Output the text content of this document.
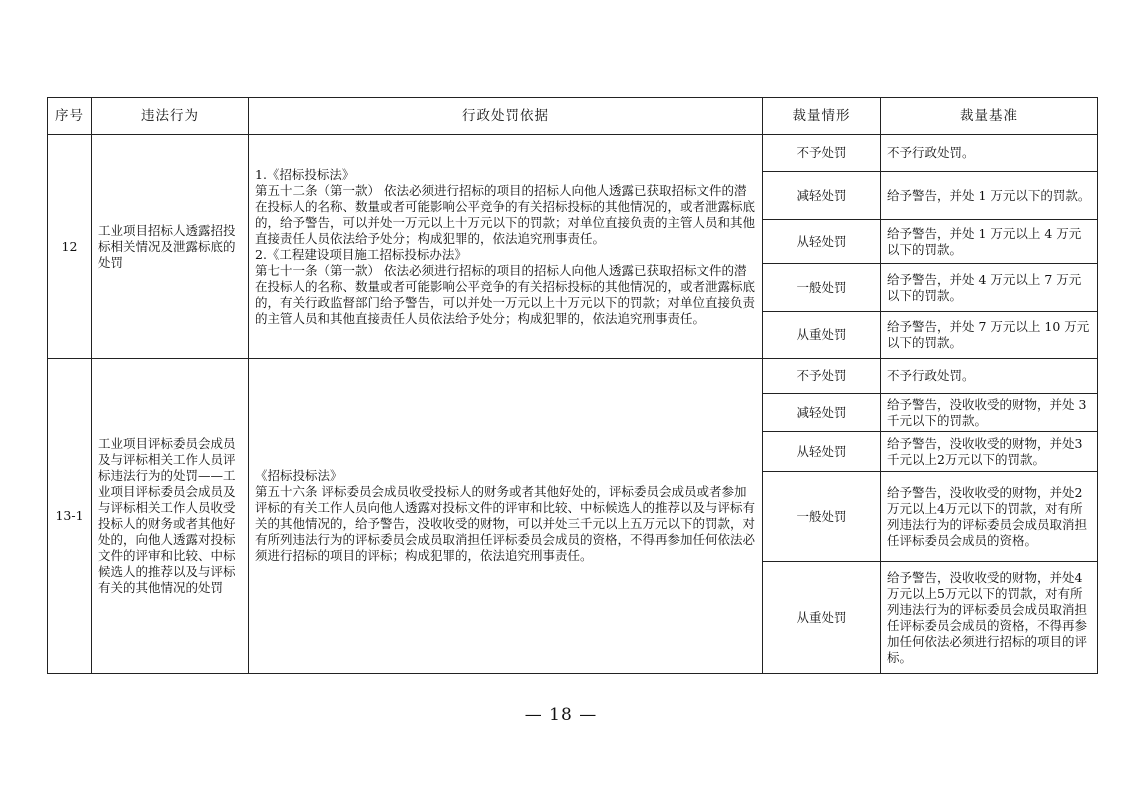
序号	违法行为	行政处罚依据	裁量情形	裁量基准
12	工业项目招标人透露招投标相关情况及泄露标底的处罚	1.《招标投标法》
第五十二条（第一款） 依法必须进行招标的项目的招标人向他人透露已获取招标文件的潜在投标人的名称、数量或者可能影响公平竞争的有关招标投标的其他情况的，或者泄露标底的，给予警告，可以并处一万元以上十万元以下的罚款；对单位直接负责的主管人员和其他直接责任人员依法给予处分；构成犯罪的，依法追究刑事责任。
2.《工程建设项目施工招标投标办法》
第七十一条（第一款） 依法必须进行招标的项目的招标人向他人透露已获取招标文件的潜在投标人的名称、数量或者可能影响公平竞争的有关招标投标的其他情况的，或者泄露标底的，有关行政监督部门给予警告，可以并处一万元以上十万元以下的罚款；对单位直接负责的主管人员和其他直接责任人员依法给予处分；构成犯罪的，依法追究刑事责任。	不予处罚	不予行政处罚。
			减轻处罚	给予警告，并处 1 万元以下的罚款。
			从轻处罚	给予警告，并处 1 万元以上 4 万元以下的罚款。
			一般处罚	给予警告，并处 4 万元以上 7 万元以下的罚款。
			从重处罚	给予警告，并处 7 万元以上 10 万元以下的罚款。
13-1	工业项目评标委员会成员及与评标相关工作人员评标违法行为的处罚——工业项目评标委员会成员及与评标相关工作人员收受投标人的财务或者其他好处的，向他人透露对投标文件的评审和比较、中标候选人的推荐以及与评标有关的其他情况的处罚	《招标投标法》
第五十六条 评标委员会成员收受投标人的财务或者其他好处的，评标委员会成员或者参加评标的有关工作人员向他人透露对投标文件的评审和比较、中标候选人的推荐以及与评标有关的其他情况的，给予警告，没收收受的财物，可以并处三千元以上五万元以下的罚款，对有所列违法行为的评标委员会成员取消担任评标委员会成员的资格，不得再参加任何依法必须进行招标的项目的评标；构成犯罪的，依法追究刑事责任。	不予处罚	不予行政处罚。
			减轻处罚	给予警告，没收收受的财物，并处 3 千元以下的罚款。
			从轻处罚	给予警告，没收收受的财物，并处3千元以上2万元以下的罚款。
			一般处罚	给予警告，没收收受的财物，并处2万元以上4万元以下的罚款，对有所列违法行为的评标委员会成员取消担任评标委员会成员的资格。
			从重处罚	给予警告，没收收受的财物，并处4万元以上5万元以下的罚款，对有所列违法行为的评标委员会成员取消担任评标委员会成员的资格，不得再参加任何依法必须进行招标的项目的评标。
— 18 —
